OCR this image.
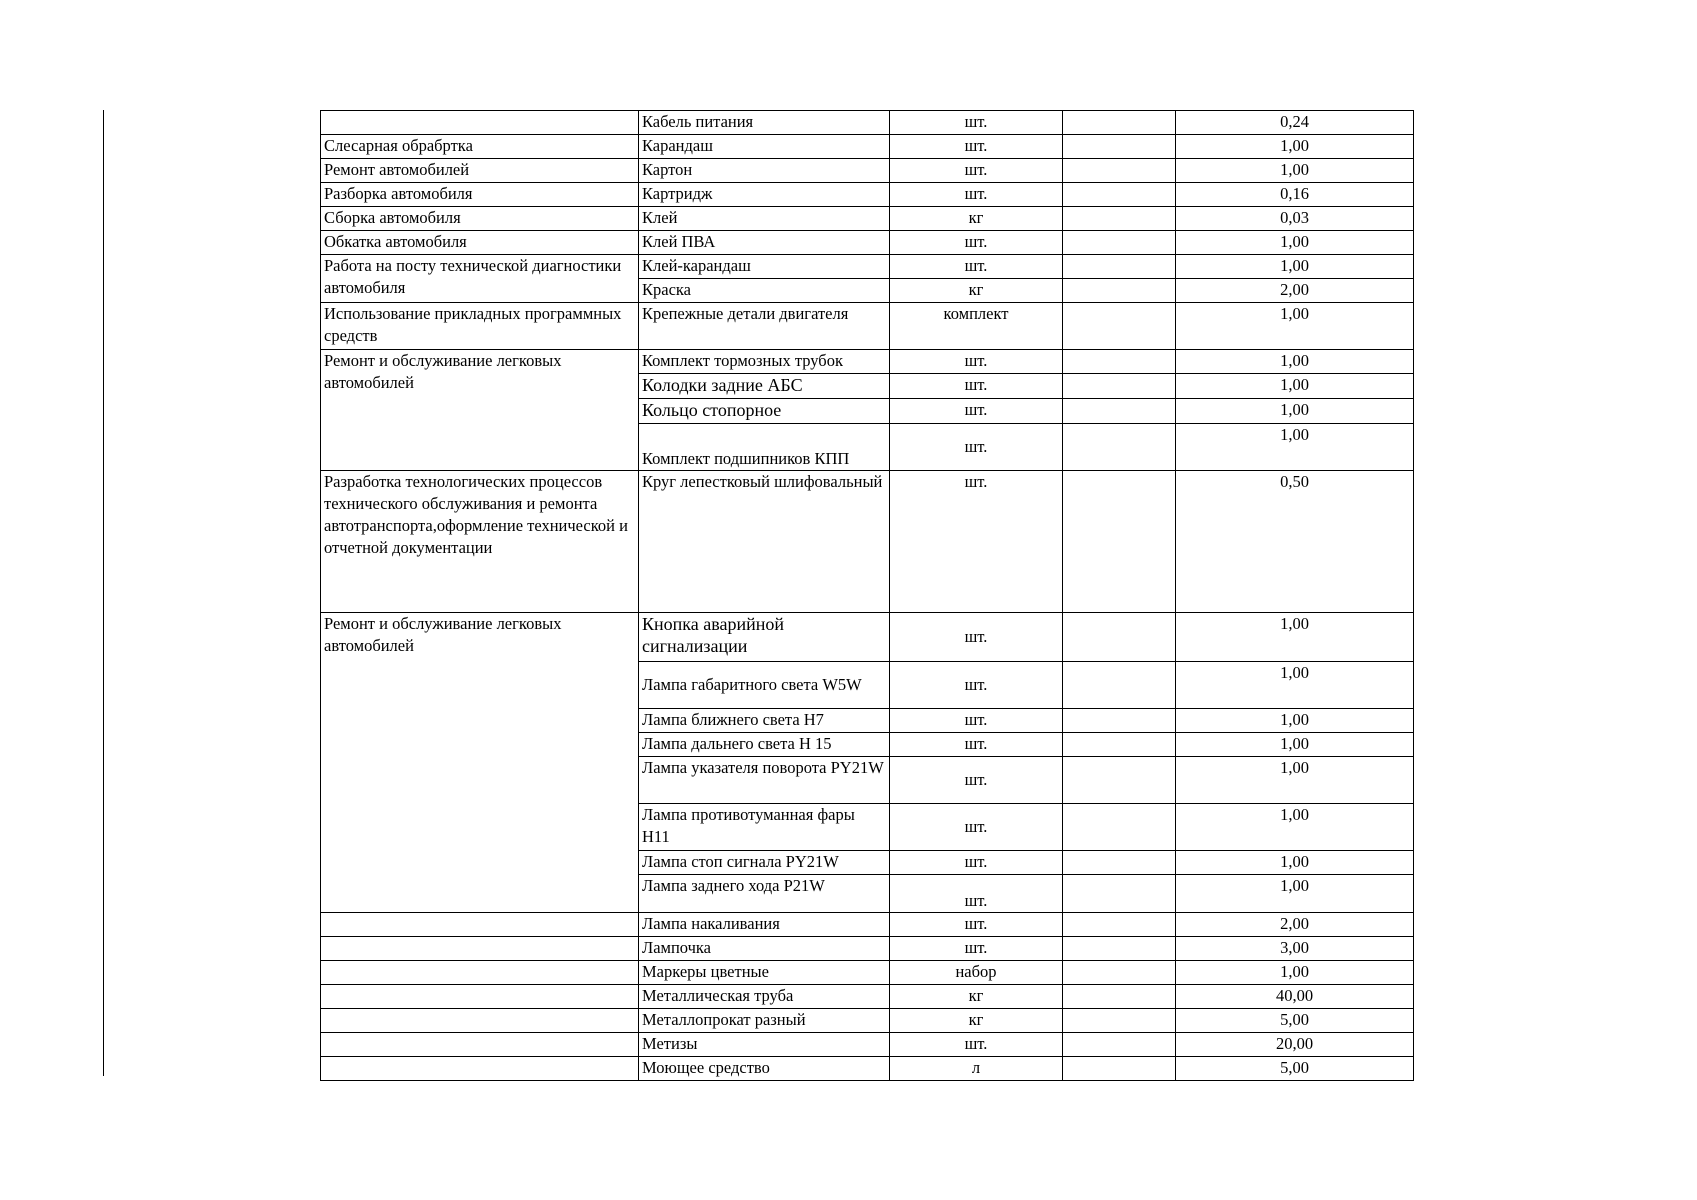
	Кабель питания	шт.		0,24
Слесарная обрабртка	Карандаш	шт.		1,00
Ремонт автомобилей	Картон	шт.		1,00
Разборка автомобиля	Картридж	шт.		0,16
Сборка автомобиля	Клей	кг		0,03
Обкатка автомобиля	Клей ПВА	шт.		1,00
Работа на посту технической диагностики автомобиля	Клей-карандаш	шт.		1,00
	Краска	кг		2,00
Использование прикладных программных средств	Крепежные детали двигателя	комплект		1,00
Ремонт и обслуживание легковых автомобилей	Комплект тормозных трубок	шт.		1,00
	Колодки задние АБС	шт.		1,00
	Кольцо стопорное	шт.		1,00
	Комплект подшипников КПП	шт.		1,00
Разработка технологических процессов технического обслуживания и ремонта автотранспорта,оформление технической и отчетной документации	Круг лепестковый шлифовальный	шт.		0,50
Ремонт и обслуживание легковых автомобилей	Кнопка аварийной сигнализации	шт.		1,00
	Лампа габаритного света W5W	шт.		1,00
	Лампа ближнего света H7	шт.		1,00
	Лампа дальнего света H 15	шт.		1,00
	Лампа указателя поворота PY21W	шт.		1,00
	Лампа противотуманная фары H11	шт.		1,00
	Лампа стоп сигнала PY21W	шт.		1,00
	Лампа заднего хода P21W	шт.		1,00
	Лампа накаливания	шт.		2,00
	Лампочка	шт.		3,00
	Маркеры цветные	набор		1,00
	Металлическая труба	кг		40,00
	Металлопрокат разный	кг		5,00
	Метизы	шт.		20,00
	Моющее средство	л		5,00
